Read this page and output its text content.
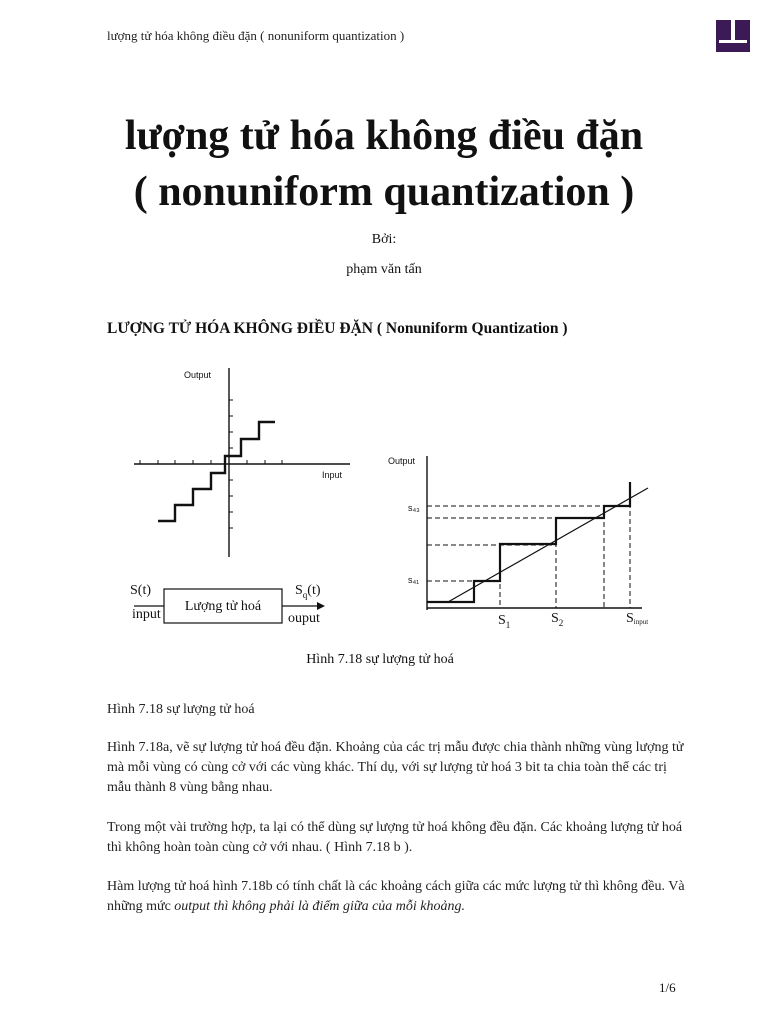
lượng tử hóa không điều đặn ( nonuniform quantization )
lượng tử hóa không điều đặn
( nonuniform quantization )
Bởi:
phạm văn tấn
LƯỢNG TỬ HÓA KHÔNG ĐIỀU ĐẶN ( Nonuniform Quantization )
Output
Input
S(t)
input
Lượng tử hoá
$S_q(t)$
ouput
Output
s₄₃
s₄₁
$S_1$	$S_2$	Sinput
Hình 7.18 sự lượng tử hoá
Hình 7.18 sự lượng tử hoá
Hình 7.18a, vẽ sự lượng tử hoá đều đặn. Khoảng của các trị mẫu được chia thành những vùng lượng tử mà mỗi vùng có cùng cở với các vùng khác. Thí dụ, với sự lượng tử hoá 3 bit ta chia toàn thể các trị mẫu thành 8 vùng bằng nhau.
Trong một vài trường hợp, ta lại có thể dùng sự lượng tử hoá không đều đặn. Các khoảng lượng tử hoá thì không hoàn toàn cùng cở với nhau. ( Hình 7.18 b ).
Hàm lượng tử hoá hình 7.18b có tính chất là các khoảng cách giữa các mức lượng tử thì không đều. Và những mức output thì không phải là điểm giữa của mỗi khoảng.
1/6
